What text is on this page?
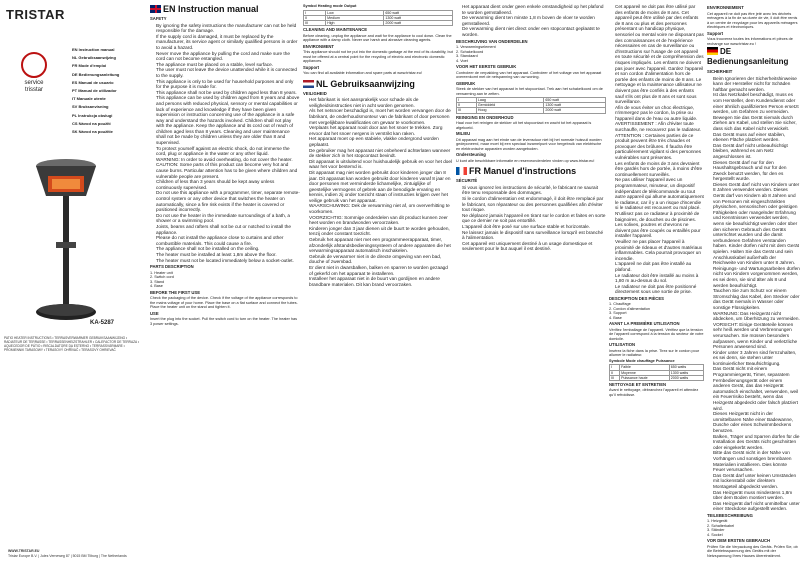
TRISTAR
service
trisstar
EN Instruction manual
NL Gebruiksaanwijzing
FR Mode d'emploi
DE Bedienungsanleitung
ES Manual de usuario
PT Manual de utilizador
IT Manuale utente
SV Bruksanvisning
PL Instrukcja obsługi
CS Návod na použití
SK Návod na použitie
KA-5287
PATIO HEATER INSTRUCTIONS • TERRASVERWARMER GEBRUIKSAANWIJZING • RADIATEUR DE TERRASSE • TERRASSENHEIZSTRAHLER • CALEFACTOR DE TERRAZA • AQUECEDOR DE PÁTIO • RISCALDATORE DA ESTERNO • TERRASSVÄRMARE • PROMIENNIK TARASOWY • TERASOVÝ OHŘÍVAČ • TERASOVÝ OHRIEVAČ
WWW.TRISTAR.EU
Tristar Europe B.V. | Jules Verneweg 87 | 5015 BM Tilburg | The Netherlands
EN Instruction manual
SAFETY
• By ignoring the safety instructions the manufacturer can not be held responsible for the damage.
• If the supply cord is damaged, it must be replaced by the manufacturer, its service agent or similarly qualified persons in order to avoid a hazard.
• Never move the appliance by pulling the cord and make sure the cord can not become entangled.
• The appliance must be placed on a stable, level surface.
• The user must not leave the device unattended while it is connected to the supply.
• This appliance is only to be used for household purposes and only for the purpose it is made for.
• This appliance shall not be used by children aged less than 8 years. This appliance can be used by children aged from 8 years and above and persons with reduced physical, sensory or mental capabilities or lack of experience and knowledge if they have been given supervision or instruction concerning use of the appliance in a safe way and understand the hazards involved. Children shall not play with the appliance. Keep the appliance and its cord out of reach of children aged less than 8 years. Cleaning and user maintenance shall not be made by children unless they are older than 8 and supervised.
• To protect yourself against an electric shock, do not immerse the cord, plug or appliance in the water or any other liquid.
• WARNING: In order to avoid overheating, do not cover the heater.
• CAUTION: Some parts of this product can become very hot and cause burns. Particular attention has to be given where children and vulnerable people are present.
• Children of less than 3 years should be kept away unless continuously supervised.
• Do not use this appliance with a programmer, timer, separate remote-control system or any other device that switches the heater on automatically, since a fire risk exists if the heater is covered or positioned incorrectly.
• Do not use the heater in the immediate surroundings of a bath, a shower or a swimming pool.
• Joists, beams and rafters shall not be cut or notched to install the appliance.
• Please do not install the appliance close to curtains and other combustible materials. This could cause a fire.
• The appliance shall not be installed on the ceiling.
• The heater must be installed at least 1,8m above the floor.
• The heater must not be located immediately below a socket-outlet.
PARTS DESCRIPTION
1. Heater unit
2. Switch cord
3. Stand
4. Base
BEFORE THE FIRST USE

Check the packaging of the device. Check if the voltage of the appliance corresponds to the mains voltage of your home. Place the base on a flat surface and connect the tubes. Place the heater unit on the stand and tighten it.

USE

Insert the plug into the socket. Pull the switch cord to turn on the heater. The heater has 3 power settings.

Symbol Heating mode Output
I	Low	650 watt
II	Medium	1300 watt
III	High	2000 watt
CLEANING AND MAINTENANCE

Before cleaning, unplug the appliance and wait for the appliance to cool down. Clean the appliance with a damp cloth. Never use harsh and abrasive cleaning agents.

ENVIRONMENT

This appliance should not be put into the domestic garbage at the end of its durability, but must be offered at a central point for the recycling of electric and electronic domestic appliances.

Support

You can find all available information and spare parts at www.tristar.eu!

NL Gebruiksaanwijzing
VEILIGHEID
• Het fabrikant is niet aansprakelijk voor schade als de veiligheidsinstructies niet in acht worden genomen.
• Als het netsnoer beschadigd is, moet het worden vervangen door de fabrikant, de onderhoudsmonteur van de fabrikant of door personen met vergelijkbare kwalificaties om gevaar te voorkomen.
• Verplaats het apparaat nooit door aan het snoer te trekken. Zorg ervoor dat het snoer nergens in verstrikt kan raken.
• Het apparaat moet op een stabiele, vlakke ondergrond worden geplaatst.
• De gebruiker mag het apparaat niet onbeheerd achterlaten wanneer de stekker zich in het stopcontact bevindt.
• Dit apparaat is uitsluitend voor huishoudelijk gebruik en voor het doel waar het voor bestemd is.
• Dit apparaat mag niet worden gebruikt door kinderen jonger dan 8 jaar. Dit apparaat kan worden gebruikt door kinderen vanaf 8 jaar en door personen met verminderde lichamelijke, zintuiglijke of geestelijke vermogens of gebrek aan de benodigde ervaring en kennis, indien zij onder toezicht staan of instructies krijgen over het veilige gebruik van het apparaat.
• WAARSCHUWING: Dek de verwarming niet af, om oververhitting te voorkomen.
• VOORZICHTIG: Sommige onderdelen van dit product kunnen zeer heet worden en brandwonden veroorzaken.
• Kinderen jonger dan 3 jaar dienen uit de buurt te worden gehouden, tenzij onder constant toezicht.
• Gebruik het apparaat niet met een programmeerapparaat, timer, afzonderlijk afstandsbedieningssysteem of andere apparaten die het verwarmingsapparaat automatisch inschakelen.
• Gebruik de verwarmer niet in de directe omgeving van een bad, douche of zwembad.
• Er dient niet in dwarsbalken, balken en sparren te worden gezaagd of gekerfd om het apparaat te installeren.
• Installeer het apparaat niet in de buurt van gordijnen en andere brandbare materialen. Dit kan brand veroorzaken.
• Het apparaat dient onder geen enkele omstandigheid op het plafond te worden geïnstalleerd.
• De verwarming dient ten minste 1,8 m boven de vloer te worden geïnstalleerd.
• De verwarming dient niet direct onder een stopcontact geplaatst te worden.
BESCHRIJVING VAN ONDERDELEN
1. Verwarmingselement
2. Schakelkoord
3. Standaard
4. Voet
VOOR HET EERSTE GEBRUIK

Controleer de verpakking van het apparaat. Controleer of het voltage van het apparaat overeenkomt met de netspanning van uw woning.

GEBRUIK

Steek de stekker van het apparaat in het stopcontact. Trek aan het schakelkoord om de verwarming aan te zetten.

I	Laag	650 watt
II	Gemiddeld	1300 watt
III	Hoog	2000 watt
REINIGING EN ONDERHOUD

Haal voor het reinigen de stekker uit het stopcontact en wacht tot het apparaat is afgekoeld.

MILIEU

Dit apparaat mag aan het einde van de levensduur niet bij het normale huisvuil worden gedeponeerd, maar moet bij een speciaal inzamelpunt voor hergebruik van elektrische en elektronische apparaten worden aangeboden.

Ondersteuning

U kunt alle beschikbare informatie en reserveonderdelen vinden op www.tristar.eu!

FR Manuel d'instructions
SÉCURITÉ
• Si vous ignorez les instructions de sécurité, le fabricant ne saurait être tenu responsable des dommages.
• Si le cordon d'alimentation est endommagé, il doit être remplacé par le fabricant, son réparateur ou des personnes qualifiées afin d'éviter tout risque.
• Ne déplacez jamais l'appareil en tirant sur le cordon et faites en sorte que ce dernier ne soit pas entortillé.
• L'appareil doit être posé sur une surface stable et horizontale.
• Ne laissez jamais le dispositif sans surveillance lorsqu'il est branché à l'alimentation.
• Cet appareil est uniquement destiné à un usage domestique et seulement pour le but auquel il est destiné.
• Cet appareil ne doit pas être utilisé par des enfants de moins de 8 ans. Cet appareil peut être utilisé par des enfants de 8 ans ou plus et des personnes présentant un handicap physique, sensoriel ou mental voire ne disposant pas des connaissances et de l'expérience nécessaires en cas de surveillance ou d'instructions sur l'usage de cet appareil en toute sécurité et de compréhension des risques impliqués. Les enfants ne doivent pas jouer avec l'appareil. Gardez l'appareil et son cordon d'alimentation hors de portée des enfants de moins de 8 ans. Le nettoyage et la maintenance utilisateur ne doivent pas être confiés à des enfants sauf s'ils ont plus de 8 ans et sont sous surveillance.
• Afin de vous éviter un choc électrique, n'immergez pas le cordon, la prise ou l'appareil dans de l'eau ou autre liquide.
• AVERTISSEMENT : Afin d'éviter toute surchauffe, ne recouvrez pas le radiateur.
• ATTENTION : Certaines parties de ce produit peuvent être très chaudes et provoquer des brûlures. Il faudra être particulièrement vigilant si des personnes vulnérables sont présentes.
• Les enfants de moins de 3 ans devraient être gardés hors de portée, à moins d'être continuellement surveillés.
• Ne pas utiliser l'appareil avec un programmateur, minuteur, un dispositif indépendant de télécommande ou tout autre appareil qui allume automatiquement le radiateur, car il y a un risque d'incendie si le radiateur est recouvert ou mal placé.
• N'utilisez pas ce radiateur à proximité de baignoires, de douches ou de piscines.
• Les solives, poutres et chevrons ne doivent pas être coupés ou entaillés pour installer l'appareil.
• Veuillez ne pas placer l'appareil à proximité de rideaux et d'autres matériaux inflammables. Cela pourrait provoquer un incendie.
• L'appareil ne doit pas être installé au plafond.
• Le radiateur doit être installé au moins à 1,80 m au-dessus du sol.
• Le radiateur ne doit pas être positionné directement sous une sortie de prise.
DESCRIPTION DES PIÈCES
1. Chauffage
2. Cordon d'alimentation
3. Support
4. Base
AVANT LA PREMIÈRE UTILISATION

Vérifiez l'emballage de l'appareil. Vérifiez que la tension de l'appareil correspond à la tension du secteur de votre domicile.

UTILISATION

Insérez la fiche dans la prise. Tirez sur le cordon pour allumer le radiateur.

Symbole Mode chauffage Puissance
I	Faible	650 watts
II	Moyenne	1300 watts
III	Puissance haute	2000 watts
NETTOYAGE ET ENTRETIEN

Avant le nettoyage, débranchez l'appareil et attendez qu'il refroidisse.

ENVIRONNEMENT

Cet appareil ne doit pas être jeté avec les déchets ménagers à la fin de sa durée de vie, il doit être remis à un centre de recyclage pour les appareils ménagers électriques et électroniques.

Support

Vous trouverez toutes les informations et pièces de rechange sur www.tristar.eu !

DE Bedienungsanleitung
SICHERHEIT
• Beim Ignorieren der Sicherheitshinweise kann der Hersteller nicht für Schäden haftbar gemacht werden.
• Ist das Netzkabel beschädigt, muss es vom Hersteller, dem Kundendienst oder einer ähnlich qualifizierten Person ersetzt werden, um Gefahren zu vermeiden.
• Bewegen Sie das Gerät niemals durch Ziehen am Kabel, und stellen Sie sicher, dass sich das Kabel nicht verwickelt.
• Das Gerät muss auf einer stabilen, ebenen Fläche platziert werden.
• Das Gerät darf nicht unbeaufsichtigt bleiben, während es am Netz angeschlossen ist.
• Dieses Gerät darf nur für den Haushaltsgebrauch und nur für den Zweck benutzt werden, für den es hergestellt wurde.
• Dieses Gerät darf nicht von Kindern unter 8 Jahren verwendet werden. Dieses Gerät darf von Kindern ab 8 Jahren und von Personen mit eingeschränkten physischen, sensorischen oder geistigen Fähigkeiten oder mangelnder Erfahrung und Kenntnissen verwendet werden, wenn sie beaufsichtigt werden oder über den sicheren Gebrauch des Geräts unterrichtet wurden und die damit verbundenen Gefahren verstanden haben. Kinder dürfen nicht mit dem Gerät spielen. Halten Sie das Gerät und sein Anschlusskabel außerhalb der Reichweite von Kindern unter 8 Jahren. Reinigungs- und Wartungsarbeiten dürfen nicht von Kindern vorgenommen werden, es sei denn, sie sind älter als 8 und werden beaufsichtigt.
• Tauchen Sie zum Schutz vor einem Stromschlag das Kabel, den Stecker oder das Gerät niemals in Wasser oder sonstige Flüssigkeiten.
• WARNUNG: Das Heizgerät nicht abdecken, um Überhitzung zu vermeiden.
• VORSICHT: Einige Geräteteile können sehr heiß werden und Verbrennungen verursachen. Sie müssen besonders aufpassen, wenn Kinder und verletzliche Personen anwesend sind.
• Kinder unter 3 Jahren sind fernzuhalten, es sei denn, sie stehen unter kontinuierlicher Beaufsichtigung.
• Das Gerät nicht mit einem Programmiergerät, Timer, separatem Fernbedienungsgerät oder einem anderen Gerät, das das Heizgerät automatisch einschaltet, verwenden, weil ein Feuerrisiko besteht, wenn das Heizgerät abgedeckt oder falsch platziert wird.
• Dieses Heizgerät nicht in der unmittelbaren Nähe einer Badewanne, Dusche oder eines Schwimmbeckens benutzen.
• Balken, Träger und Sparren dürfen für die Installation des Geräts nicht geschnitten oder eingekerbt werden.
• Bitte das Gerät nicht in der Nähe von Vorhängen und sonstigen brennbaren Materialien installieren. Dies könnte Feuer verursachen.
• Das Gerät darf unter keinen Umständen mit lockenstabil oder direktem Montageteil abgedeckt werden.
• Das Heizgerät muss mindestens 1,8m über dem Boden montiert werden.
• Das Heizgerät darf nicht unmittelbar unter einer Steckdose aufgestellt werden.
TEILEBESCHREIBUNG
1. Heizgerät
2. Schalterkabel
3. Ständer
4. Sockel
VOR DEM ERSTEN GEBRAUCH

Prüfen Sie die Verpackung des Geräts. Prüfen Sie, ob die Betriebsspannung des Geräts mit der Netzspannung Ihres Hauses übereinstimmt.
